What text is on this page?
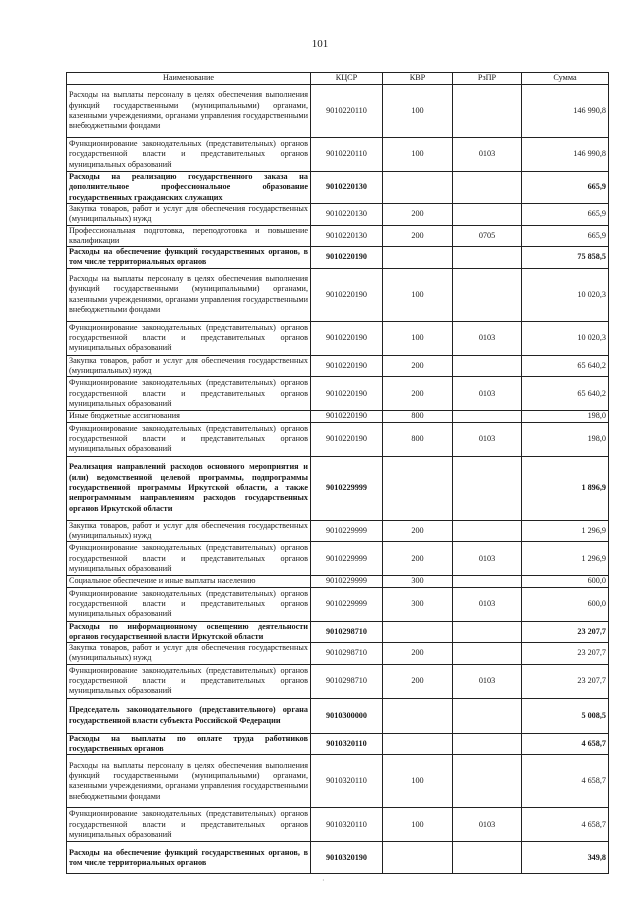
101
Наименование	КЦСР	КВР	РзПР	Сумма
Расходы на выплаты персоналу в целях обеспечения выполнения функций государственными (муниципальными) органами, казенными учреждениями, органами управления государственными внебюджетными фондами	9010220110	100		146 990,8
Функционирование законодательных (представительных) органов государственной власти и представительных органов муниципальных образований	9010220110	100	0103	146 990,8
Расходы на реализацию государственного заказа на дополнительное профессиональное образование государственных гражданских служащих	9010220130			665,9
Закупка товаров, работ и услуг для обеспечения государственных (муниципальных) нужд	9010220130	200		665,9
Профессиональная подготовка, переподготовка и повышение квалификации	9010220130	200	0705	665,9
Расходы на обеспечение функций государственных органов, в том числе территориальных органов	9010220190			75 858,5
Расходы на выплаты персоналу в целях обеспечения выполнения функций государственными (муниципальными) органами, казенными учреждениями, органами управления государственными внебюджетными фондами	9010220190	100		10 020,3
Функционирование законодательных (представительных) органов государственной власти и представительных органов муниципальных образований	9010220190	100	0103	10 020,3
Закупка товаров, работ и услуг для обеспечения государственных (муниципальных) нужд	9010220190	200		65 640,2
Функционирование законодательных (представительных) органов государственной власти и представительных органов муниципальных образований	9010220190	200	0103	65 640,2
Иные бюджетные ассигнования	9010220190	800		198,0
Функционирование законодательных (представительных) органов государственной власти и представительных органов муниципальных образований	9010220190	800	0103	198,0
Реализация направлений расходов основного мероприятия и (или) ведомственной целевой программы, подпрограммы государственной программы Иркутской области, а также непрограммным направлениям расходов государственных органов Иркутской области	9010229999			1 896,9
Закупка товаров, работ и услуг для обеспечения государственных (муниципальных) нужд	9010229999	200		1 296,9
Функционирование законодательных (представительных) органов государственной власти и представительных органов муниципальных образований	9010229999	200	0103	1 296,9
Социальное обеспечение и иные выплаты населению	9010229999	300		600,0
Функционирование законодательных (представительных) органов государственной власти и представительных органов муниципальных образований	9010229999	300	0103	600,0
Расходы по информационному освещению деятельности органов государственной власти Иркутской области	9010298710			23 207,7
Закупка товаров, работ и услуг для обеспечения государственных (муниципальных) нужд	9010298710	200		23 207,7
Функционирование законодательных (представительных) органов государственной власти и представительных органов муниципальных образований	9010298710	200	0103	23 207,7
Председатель законодательного (представительного) органа государственной власти субъекта Российской Федерации	9010300000			5 008,5
Расходы на выплаты по оплате труда работников государственных органов	9010320110			4 658,7
Расходы на выплаты персоналу в целях обеспечения выполнения функций государственными (муниципальными) органами, казенными учреждениями, органами управления государственными внебюджетными фондами	9010320110	100		4 658,7
Функционирование законодательных (представительных) органов государственной власти и представительных органов муниципальных образований	9010320110	100	0103	4 658,7
Расходы на обеспечение функций государственных органов, в том числе территориальных органов	9010320190			349,8
·
